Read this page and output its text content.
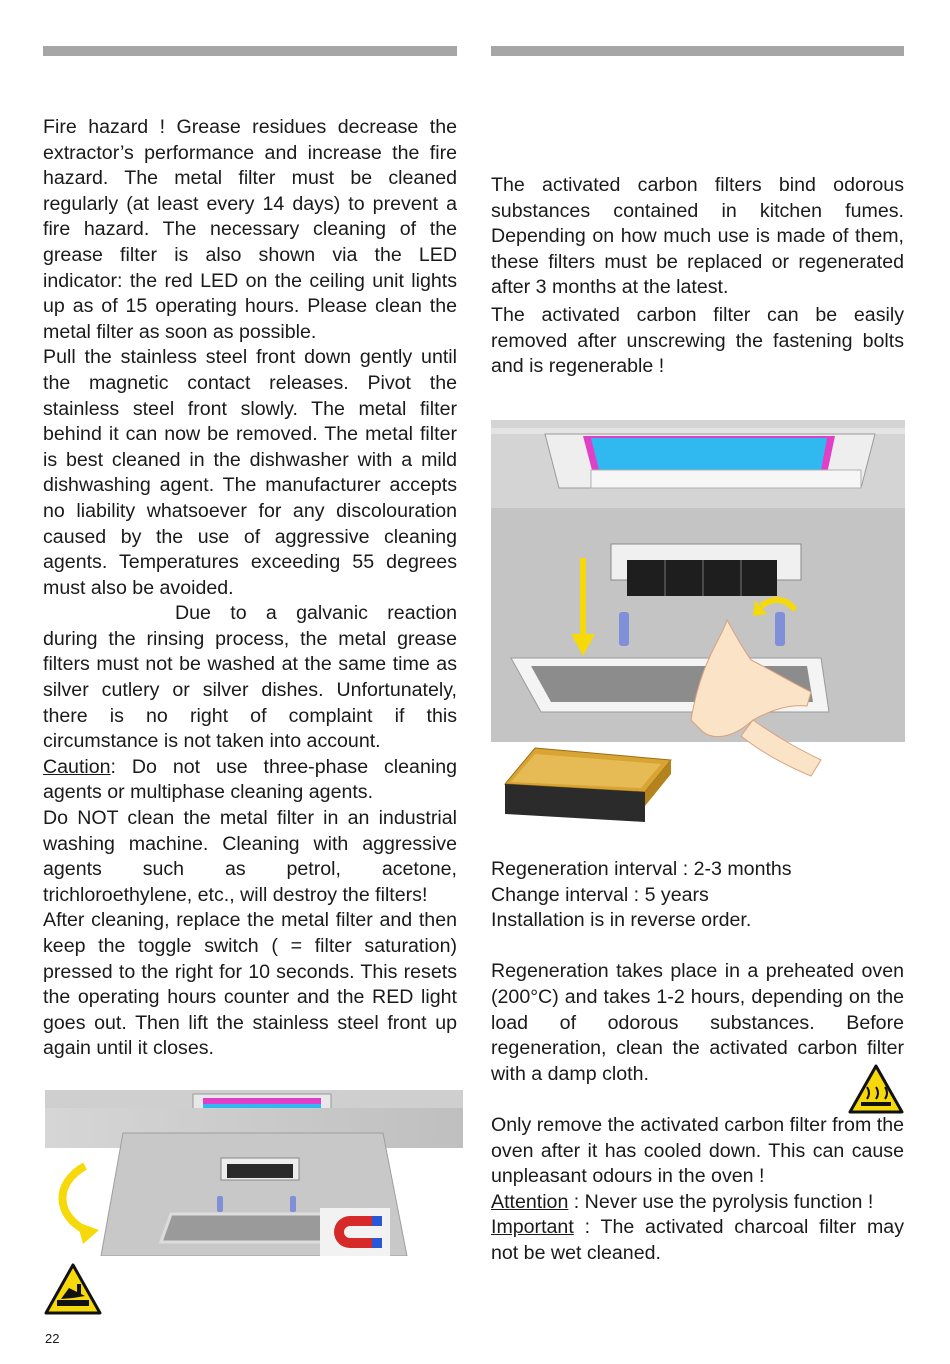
Fire hazard ! Grease residues decrease the extractor’s performance and increase the fire hazard. The metal filter must be cleaned regularly (at least every 14 days) to prevent a fire hazard. The necessary cleaning of the grease filter is also shown via the LED indicator: the red LED on the ceiling unit lights up as of 15 operating hours. Please clean the metal filter as soon as possible.

Pull the stainless steel front down gently until the magnetic contact releases. Pivot the stainless steel front slowly. The metal filter behind it can now be removed. The metal filter is best cleaned in the dishwasher with a mild dishwashing agent. The manufacturer accepts no liability whatsoever for any discolouration caused by the use of aggressive cleaning agents. Temperatures exceeding 55 degrees must also be avoided.

Due to a galvanic reaction during the rinsing process, the metal grease filters must not be washed at the same time as silver cutlery or silver dishes. Unfortunately, there is no right of complaint if this circumstance is not taken into account.

Caution: Do not use three-phase cleaning agents or multiphase cleaning agents.

Do NOT clean the metal filter in an industrial washing machine. Cleaning with aggressive agents such as petrol, acetone, trichloroethylene, etc., will destroy the filters!

After cleaning, replace the metal filter and then keep the toggle switch ( = filter saturation) pressed to the right for 10 seconds. This resets the operating hours counter and the RED light goes out. Then lift the stainless steel front up again until it closes.

The activated carbon filters bind odorous substances contained in kitchen fumes. Depending on how much use is made of them, these filters must be replaced or regenerated after 3 months at the latest.

The activated carbon filter can be easily removed after unscrewing the fastening bolts and is regenerable !

Regeneration interval : 2-3 months

Change interval : 5 years

Installation is in reverse order.

Regeneration takes place in a preheated oven (200°C) and takes 1-2 hours, depending on the load of odorous substances. Before regeneration, clean the activated carbon filter with a damp cloth.

Only remove the activated carbon filter from the oven after it has cooled down. This can cause unpleasant odours in the oven !

Attention : Never use the pyrolysis function !

Important : The activated charcoal filter may not be wet cleaned.

22
